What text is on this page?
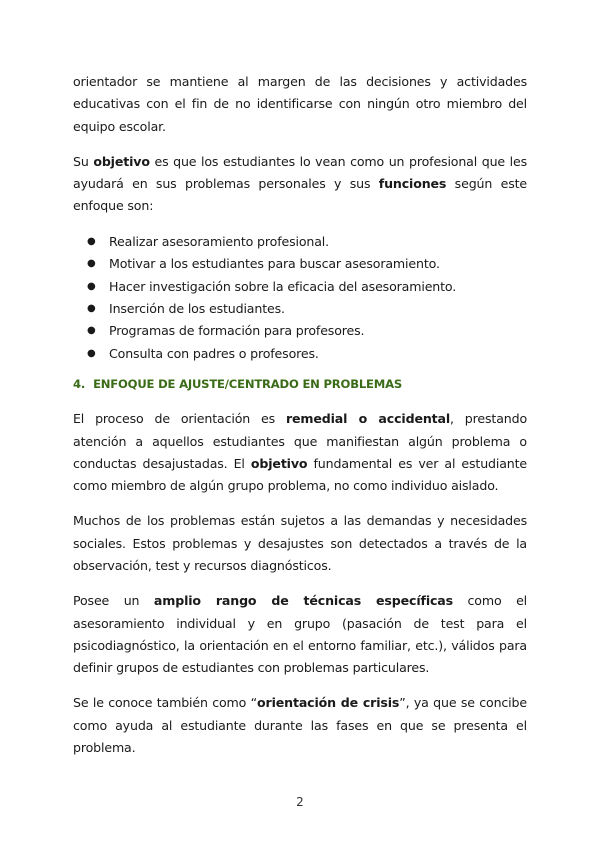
orientador se mantiene al margen de las decisiones y actividades educativas con el fin de no identificarse con ningún otro miembro del equipo escolar.

Su objetivo es que los estudiantes lo vean como un profesional que les ayudará en sus problemas personales y sus funciones según este enfoque son:

● Realizar asesoramiento profesional.
● Motivar a los estudiantes para buscar asesoramiento.
● Hacer investigación sobre la eficacia del asesoramiento.
● Inserción de los estudiantes.
● Programas de formación para profesores.
● Consulta con padres o profesores.
4. ENFOQUE DE AJUSTE/CENTRADO EN PROBLEMAS

El proceso de orientación es remedial o accidental, prestando atención a aquellos estudiantes que manifiestan algún problema o conductas desajustadas. El objetivo fundamental es ver al estudiante como miembro de algún grupo problema, no como individuo aislado.

Muchos de los problemas están sujetos a las demandas y necesidades sociales. Estos problemas y desajustes son detectados a través de la observación, test y recursos diagnósticos.

Posee un amplio rango de técnicas específicas como el asesoramiento individual y en grupo (pasación de test para el psicodiagnóstico, la orientación en el entorno familiar, etc.), válidos para definir grupos de estudiantes con problemas particulares.

Se le conoce también como “orientación de crisis”, ya que se concibe como ayuda al estudiante durante las fases en que se presenta el problema.

2
